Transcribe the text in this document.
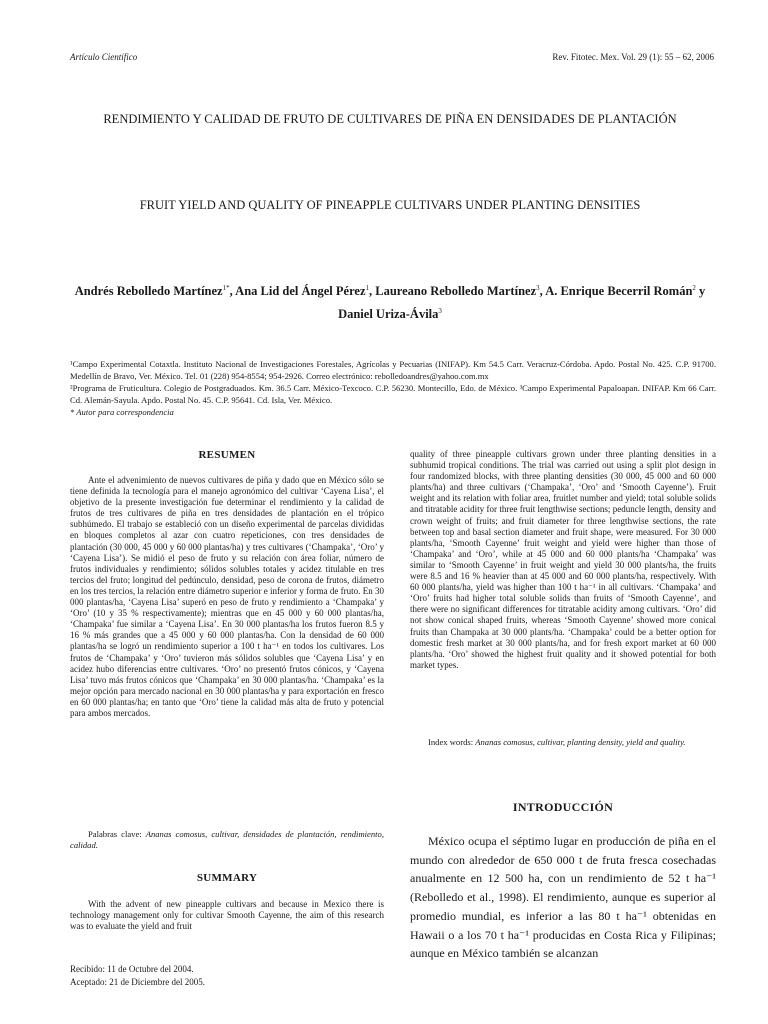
Artículo Científico	Rev. Fitotec. Mex. Vol. 29 (1): 55 – 62, 2006
RENDIMIENTO Y CALIDAD DE FRUTO DE CULTIVARES DE PIÑA EN DENSIDADES DE PLANTACIÓN
FRUIT YIELD AND QUALITY OF PINEAPPLE CULTIVARS UNDER PLANTING DENSITIES
Andrés Rebolledo Martínez$^{1*}$, Ana Lid del Ángel Pérez$^1$, Laureano Rebolledo Martínez$^3$, A. Enrique Becerril Román$^2$ y Daniel Uriza-Ávila$^3$
¹Campo Experimental Cotaxtla. Instituto Nacional de Investigaciones Forestales, Agrícolas y Pecuarias (INIFAP). Km 54.5 Carr. Veracruz-Córdoba. Apdo. Postal No. 425. C.P. 91700. Medellín de Bravo, Ver. México. Tel. 01 (228) 954-8554; 954-2926. Correo electrónico: rebolledoandres@yahoo.com.mx
²Programa de Fruticultura. Colegio de Postgraduados. Km. 36.5 Carr. México-Texcoco. C.P. 56230. Montecillo, Edo. de México. ³Campo Experimental Papaloapan. INIFAP. Km 66 Carr. Cd. Alemán-Sayula. Apdo. Postal No. 45. C.P. 95641. Cd. Isla, Ver. México.
* Autor para correspondencia
RESUMEN

Ante el advenimiento de nuevos cultivares de piña y dado que en México sólo se tiene definida la tecnología para el manejo agronómico del cultivar ‘Cayena Lisa’, el objetivo de la presente investigación fue determinar el rendimiento y la calidad de frutos de tres cultivares de piña en tres densidades de plantación en el trópico subhúmedo. El trabajo se estableció con un diseño experimental de parcelas divididas en bloques completos al azar con cuatro repeticiones, con tres densidades de plantación (30 000, 45 000 y 60 000 plantas/ha) y tres cultivares (‘Champaka’, ‘Oro’ y ‘Cayena Lisa’). Se midió el peso de fruto y su relación con área foliar, número de frutos individuales y rendimiento; sólidos solubles totales y acidez titulable en tres tercios del fruto; longitud del pedúnculo, densidad, peso de corona de frutos, diámetro en los tres tercios, la relación entre diámetro superior e inferior y forma de fruto. En 30 000 plantas/ha, ‘Cayena Lisa’ superó en peso de fruto y rendimiento a ‘Champaka’ y ‘Oro’ (10 y 35 % respectivamente); mientras que en 45 000 y 60 000 plantas/ha, ‘Champaka’ fue similar a ‘Cayena Lisa’. En 30 000 plantas/ha los frutos fueron 8.5 y 16 % más grandes que a 45 000 y 60 000 plantas/ha. Con la densidad de 60 000 plantas/ha se logró un rendimiento superior a 100 t ha⁻¹ en todos los cultivares. Los frutos de ‘Champaka’ y ‘Oro’ tuvieron más sólidos solubles que ‘Cayena Lisa’ y en acidez hubo diferencias entre cultivares. ‘Oro’ no presentó frutos cónicos, y ‘Cayena Lisa’ tuvo más frutos cónicos que ‘Champaka’ en 30 000 plantas/ha. ‘Champaka’ es la mejor opción para mercado nacional en 30 000 plantas/ha y para exportación en fresco en 60 000 plantas/ha; en tanto que ‘Oro’ tiene la calidad más alta de fruto y potencial para ambos mercados.

Palabras clave: Ananas comosus, cultivar, densidades de plantación, rendimiento, calidad.
SUMMARY

With the advent of new pineapple cultivars and because in Mexico there is technology management only for cultivar Smooth Cayenne, the aim of this research was to evaluate the yield and fruit

Recibido: 11 de Octubre del 2004.
Aceptado: 21 de Diciembre del 2005.

quality of three pineapple cultivars grown under three planting densities in a subhumid tropical conditions. The trial was carried out using a split plot design in four randomized blocks, with three planting densities (30 000, 45 000 and 60 000 plants/ha) and three cultivars (‘Champaka’, ‘Oro’ and ‘Smooth Cayenne’). Fruit weight and its relation with foliar area, fruitlet number and yield; total soluble solids and titratable acidity for three fruit lengthwise sections; peduncle length, density and crown weight of fruits; and fruit diameter for three lengthwise sections, the rate between top and basal section diameter and fruit shape, were measured. For 30 000 plants/ha, ‘Smooth Cayenne’ fruit weight and yield were higher than those of ‘Champaka’ and ‘Oro’, while at 45 000 and 60 000 plants/ha ‘Champaka’ was similar to ‘Smooth Cayenne’ in fruit weight and yield 30 000 plants/ha, the fruits were 8.5 and 16 % heavier than at 45 000 and 60 000 plants/ha, respectively. With 60 000 plants/ha, yield was higher than 100 t ha⁻¹ in all cultivars. ‘Champaka’ and ‘Oro’ fruits had higher total soluble solids than fruits of ‘Smooth Cayenne’, and there were no significant differences for titratable acidity among cultivars. ‘Oro’ did not show conical shaped fruits, whereas ‘Smooth Cayenne’ showed more conical fruits than Champaka at 30 000 plants/ha. ‘Champaka’ could be a better option for domestic fresh market at 30 000 plants/ha, and for fresh export market at 60 000 plants/ha. ‘Oro’ showed the highest fruit quality and it showed potential for both market types.

Index words: Ananas comosus, cultivar, planting density, yield and quality.
INTRODUCCIÓN

México ocupa el séptimo lugar en producción de piña en el mundo con alrededor de 650 000 t de fruta fresca cosechadas anualmente en 12 500 ha, con un rendimiento de 52 t ha⁻¹ (Rebolledo et al., 1998). El rendimiento, aunque es superior al promedio mundial, es inferior a las 80 t ha⁻¹ obtenidas en Hawaii o a los 70 t ha⁻¹ producidas en Costa Rica y Filipinas; aunque en México también se alcanzan
